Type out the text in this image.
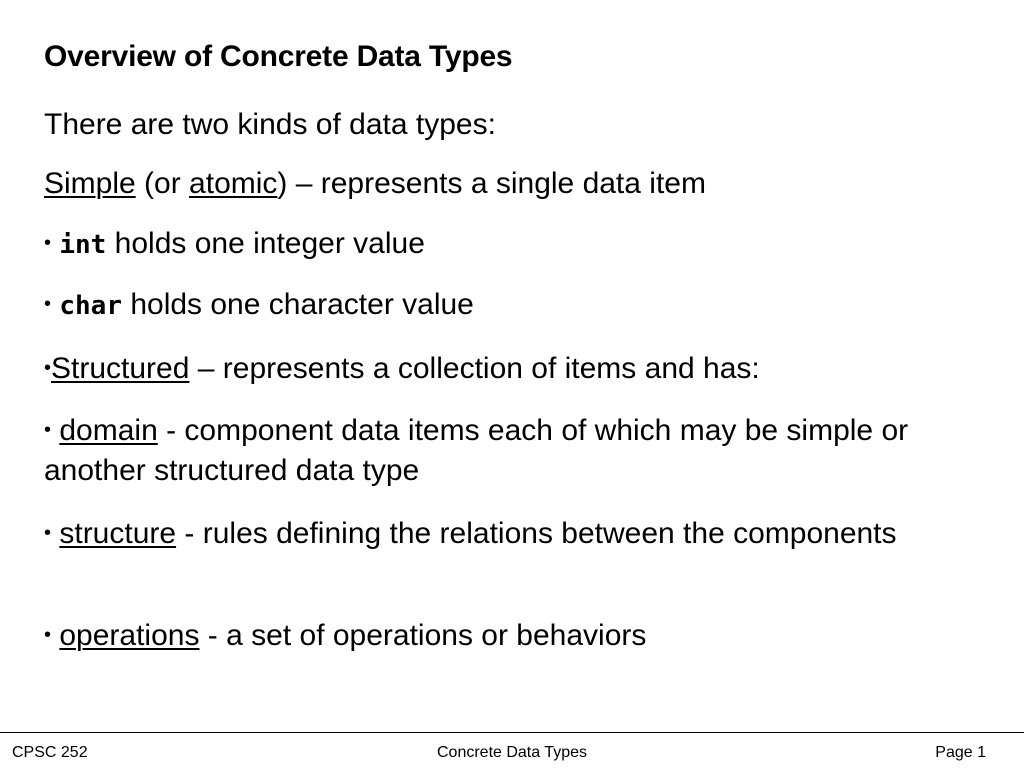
Overview of Concrete Data Types
There are two kinds of data types:
Simple (or atomic) – represents a single data item
• int holds one integer value
• char holds one character value
•Structured – represents a collection of items and has:
• domain - component data items each of which may be simple or another structured data type
• structure - rules defining the relations between the components
• operations - a set of operations or behaviors
CPSC 252	Concrete Data Types	Page 1
